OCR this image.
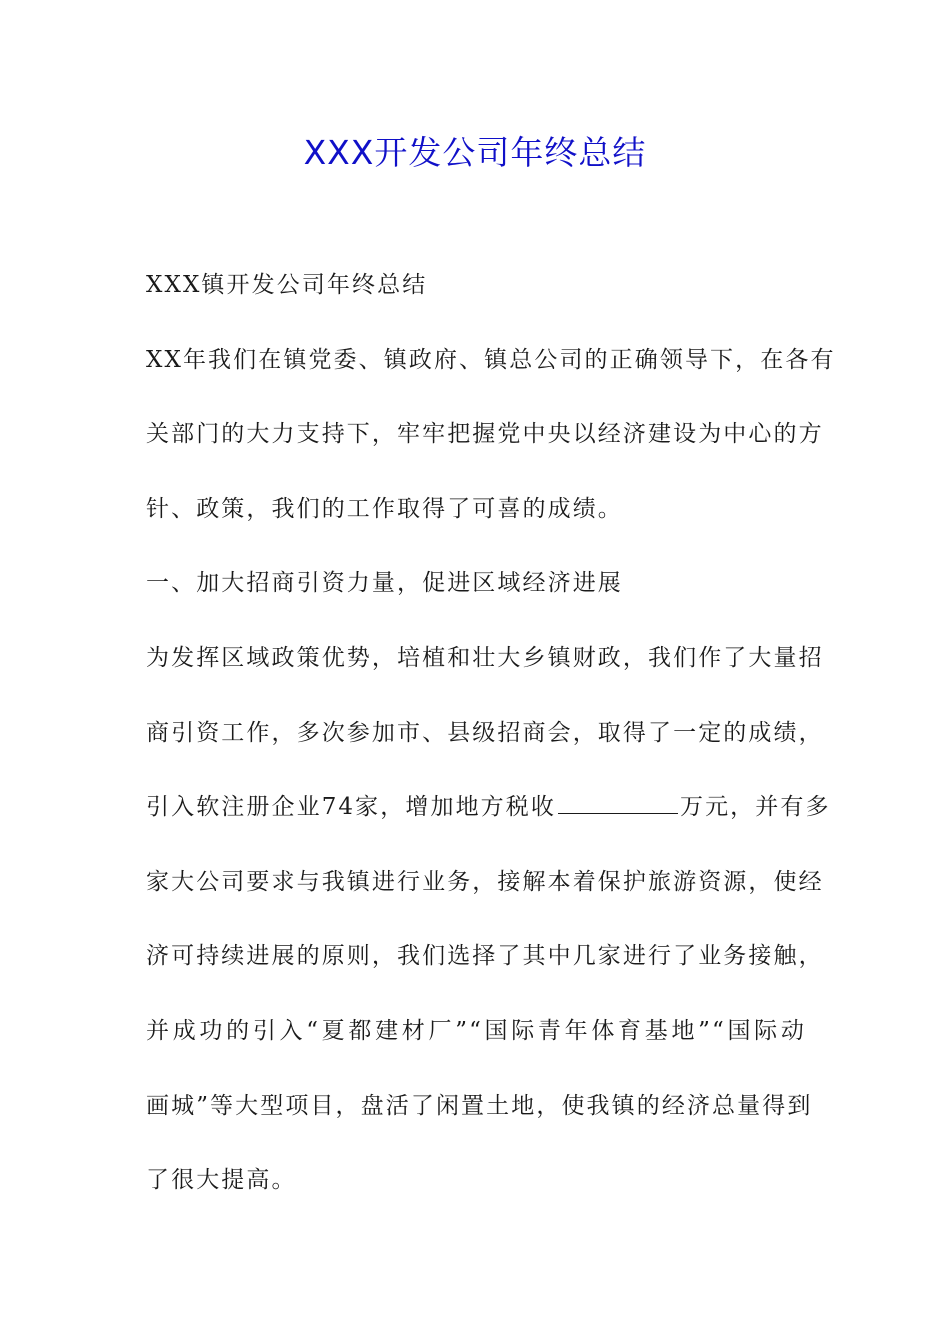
XXX开发公司年终总结
XXX镇开发公司年终总结
XX年我们在镇党委、镇政府、镇总公司的正确领导下，在各有
关部门的大力支持下，牢牢把握党中央以经济建设为中心的方
针、政策，我们的工作取得了可喜的成绩。
一、加大招商引资力量，促进区域经济进展
为发挥区域政策优势，培植和壮大乡镇财政，我们作了大量招
商引资工作，多次参加市、县级招商会，取得了一定的成绩，
引入软注册企业74家，增加地方税收	万元，并有多
家大公司要求与我镇进行业务，接解本着保护旅游资源，使经
济可持续进展的原则，我们选择了其中几家进行了业务接触，
并成功的引入“夏都建材厂”“国际青年体育基地”“国际动
画城”等大型项目，盘活了闲置土地，使我镇的经济总量得到
了很大提高。
